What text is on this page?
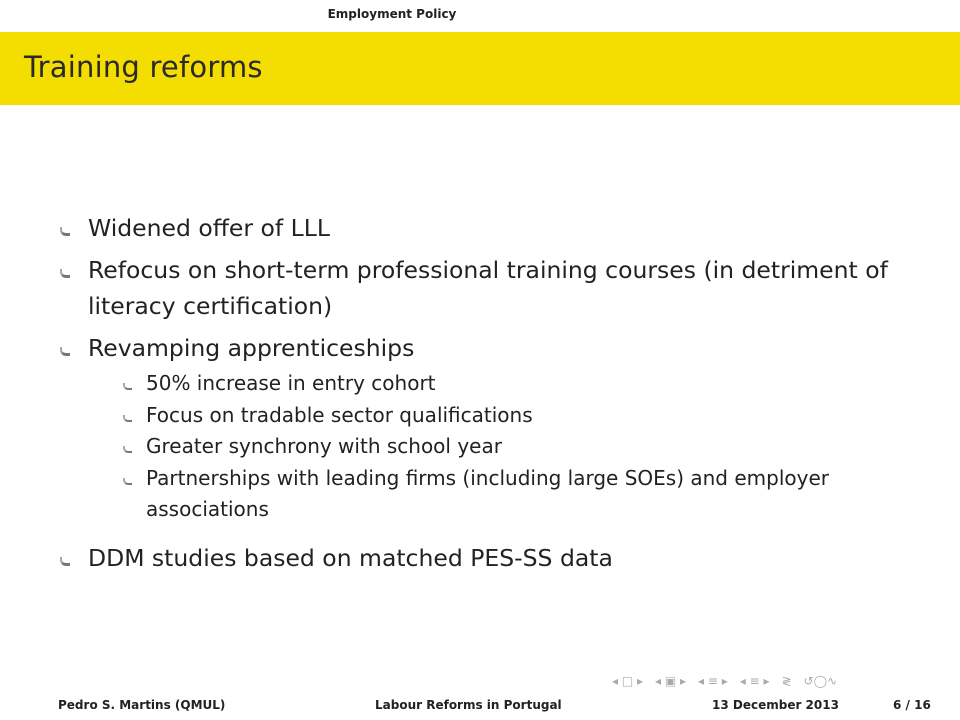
Employment Policy
Training reforms
Widened offer of LLL
Refocus on short-term professional training courses (in detriment of literacy certification)
Revamping apprenticeships
50% increase in entry cohort
Focus on tradable sector qualifications
Greater synchrony with school year
Partnerships with leading firms (including large SOEs) and employer associations
DDM studies based on matched PES-SS data
◂ □ ▸ ◂ ▣ ▸ ◂ ≡ ▸ ◂ ≡ ▸ ≷ ↺◯∿
Pedro S. Martins (QMUL)	Labour Reforms in Portugal	13 December 2013	6 / 16
